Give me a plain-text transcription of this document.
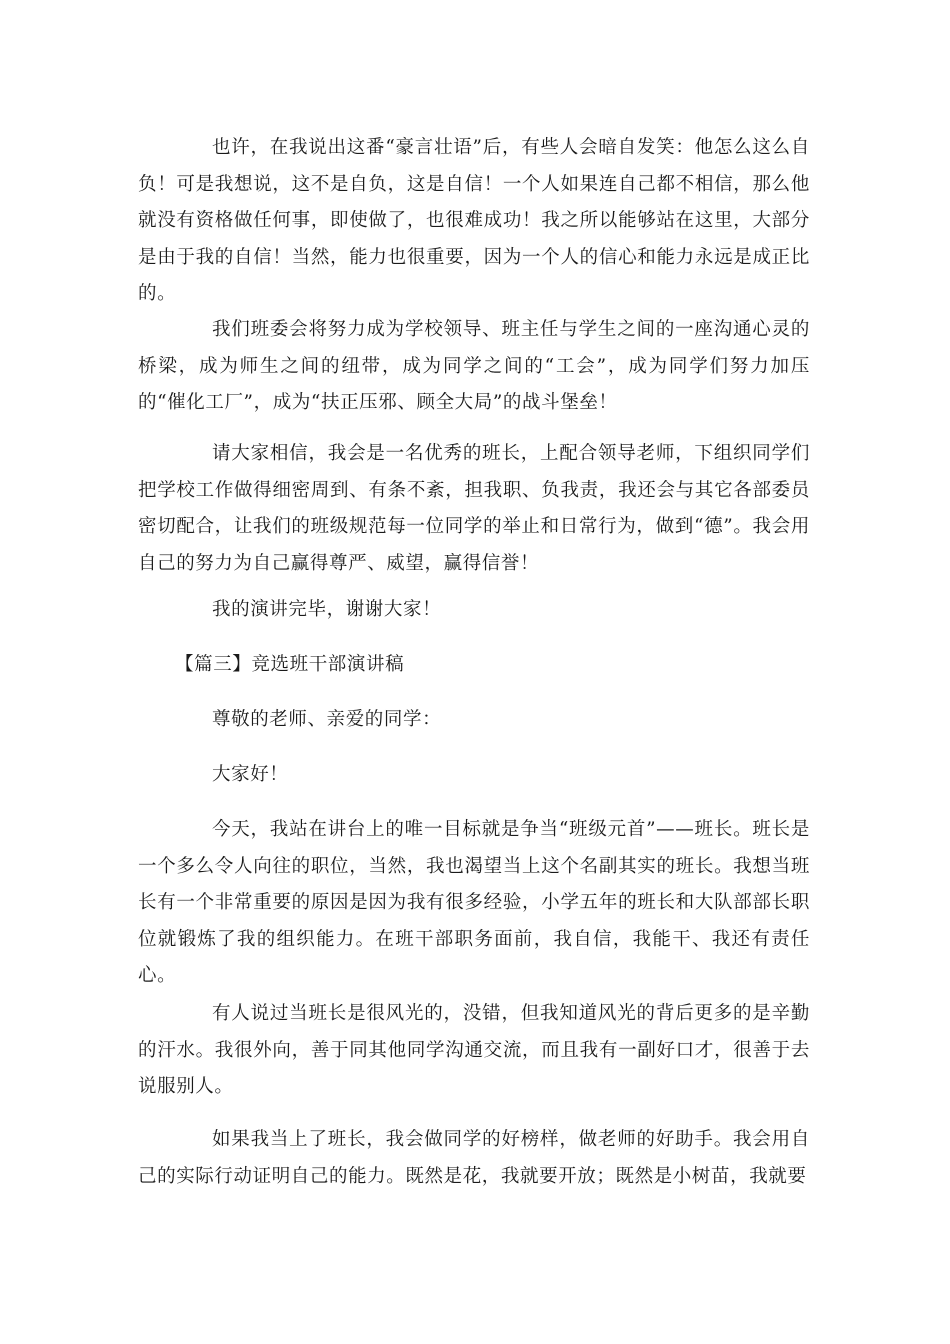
也许，在我说出这番“豪言壮语”后，有些人会暗自发笑：他怎么这么自负！可是我想说，这不是自负，这是自信！一个人如果连自己都不相信，那么他就没有资格做任何事，即使做了，也很难成功！我之所以能够站在这里，大部分是由于我的自信！当然，能力也很重要，因为一个人的信心和能力永远是成正比的。

我们班委会将努力成为学校领导、班主任与学生之间的一座沟通心灵的桥梁，成为师生之间的纽带，成为同学之间的“工会”，成为同学们努力加压的“催化工厂”，成为“扶正压邪、顾全大局”的战斗堡垒！

请大家相信，我会是一名优秀的班长，上配合领导老师，下组织同学们把学校工作做得细密周到、有条不紊，担我职、负我责，我还会与其它各部委员密切配合，让我们的班级规范每一位同学的举止和日常行为，做到“德”。我会用自己的努力为自己赢得尊严、威望，赢得信誉！

我的演讲完毕，谢谢大家！

【篇三】竞选班干部演讲稿

尊敬的老师、亲爱的同学：

大家好！

今天，我站在讲台上的唯一目标就是争当“班级元首”——班长。班长是一个多么令人向往的职位，当然，我也渴望当上这个名副其实的班长。我想当班长有一个非常重要的原因是因为我有很多经验，小学五年的班长和大队部部长职位就锻炼了我的组织能力。在班干部职务面前，我自信，我能干、我还有责任心。

有人说过当班长是很风光的，没错，但我知道风光的背后更多的是辛勤的汗水。我很外向，善于同其他同学沟通交流，而且我有一副好口才，很善于去说服别人。

如果我当上了班长，我会做同学的好榜样，做老师的好助手。我会用自己的实际行动证明自己的能力。既然是花，我就要开放；既然是小树苗，我就要
